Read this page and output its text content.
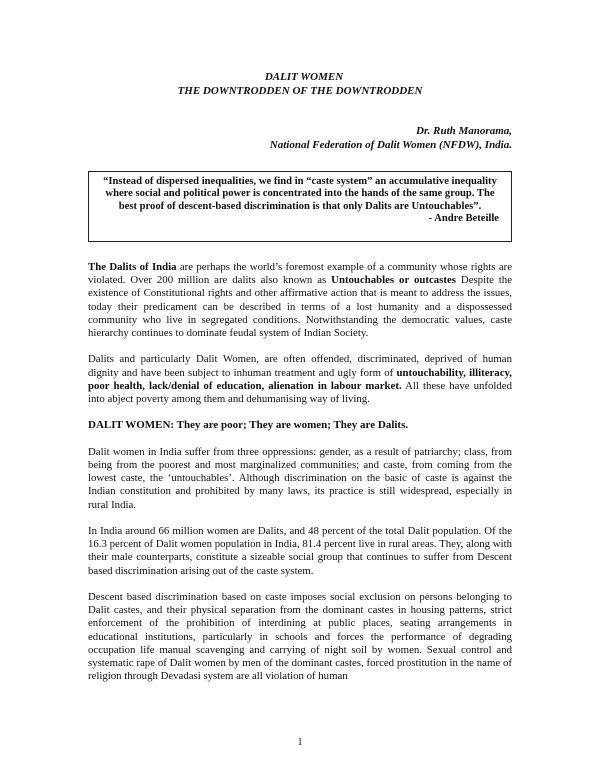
DALIT WOMEN
THE DOWNTRODDEN OF THE DOWNTRODDEN
Dr. Ruth Manorama,
National Federation of Dalit Women (NFDW), India.
“Instead of dispersed inequalities, we find in “caste system” an accumulative inequality where social and political power is concentrated into the hands of the same group. The best proof of descent-based discrimination is that only Dalits are Untouchables”.
- Andre Beteille

The Dalits of India are perhaps the world’s foremost example of a community whose rights are violated. Over 200 million are dalits also known as Untouchables or outcastes Despite the existence of Constitutional rights and other affirmative action that is meant to address the issues, today their predicament can be described in terms of a lost humanity and a dispossessed community who live in segregated conditions. Notwithstanding the democratic values, caste hierarchy continues to dominate feudal system of Indian Society.

Dalits and particularly Dalit Women, are often offended, discriminated, deprived of human dignity and have been subject to inhuman treatment and ugly form of untouchability, illiteracy, poor health, lack/denial of education, alienation in labour market. All these have unfolded into abject poverty among them and dehumanising way of living.

DALIT WOMEN: They are poor; They are women; They are Dalits.

Dalit women in India suffer from three oppressions: gender, as a result of patriarchy; class, from being from the poorest and most marginalized communities; and caste, from coming from the lowest caste, the ‘untouchables’. Although discrimination on the basic of caste is against the Indian constitution and prohibited by many laws, its practice is still widespread, especially in rural India.

In India around 66 million women are Dalits, and 48 percent of the total Dalit population. Of the 16.3 percent of Dalit women population in India, 81.4 percent live in rural areas. They, along with their male counterparts, constitute a sizeable social group that continues to suffer from Descent based discrimination arising out of the caste system.

Descent based discrimination based on caste imposes social exclusion on persons belonging to Dalit castes, and their physical separation from the dominant castes in housing patterns, strict enforcement of the prohibition of interdining at public places, seating arrangements in educational institutions, particularly in schools and forces the performance of degrading occupation life manual scavenging and carrying of night soil by women. Sexual control and systematic rape of Dalit women by men of the dominant castes, forced prostitution in the name of religion through Devadasi system are all violation of human

1
